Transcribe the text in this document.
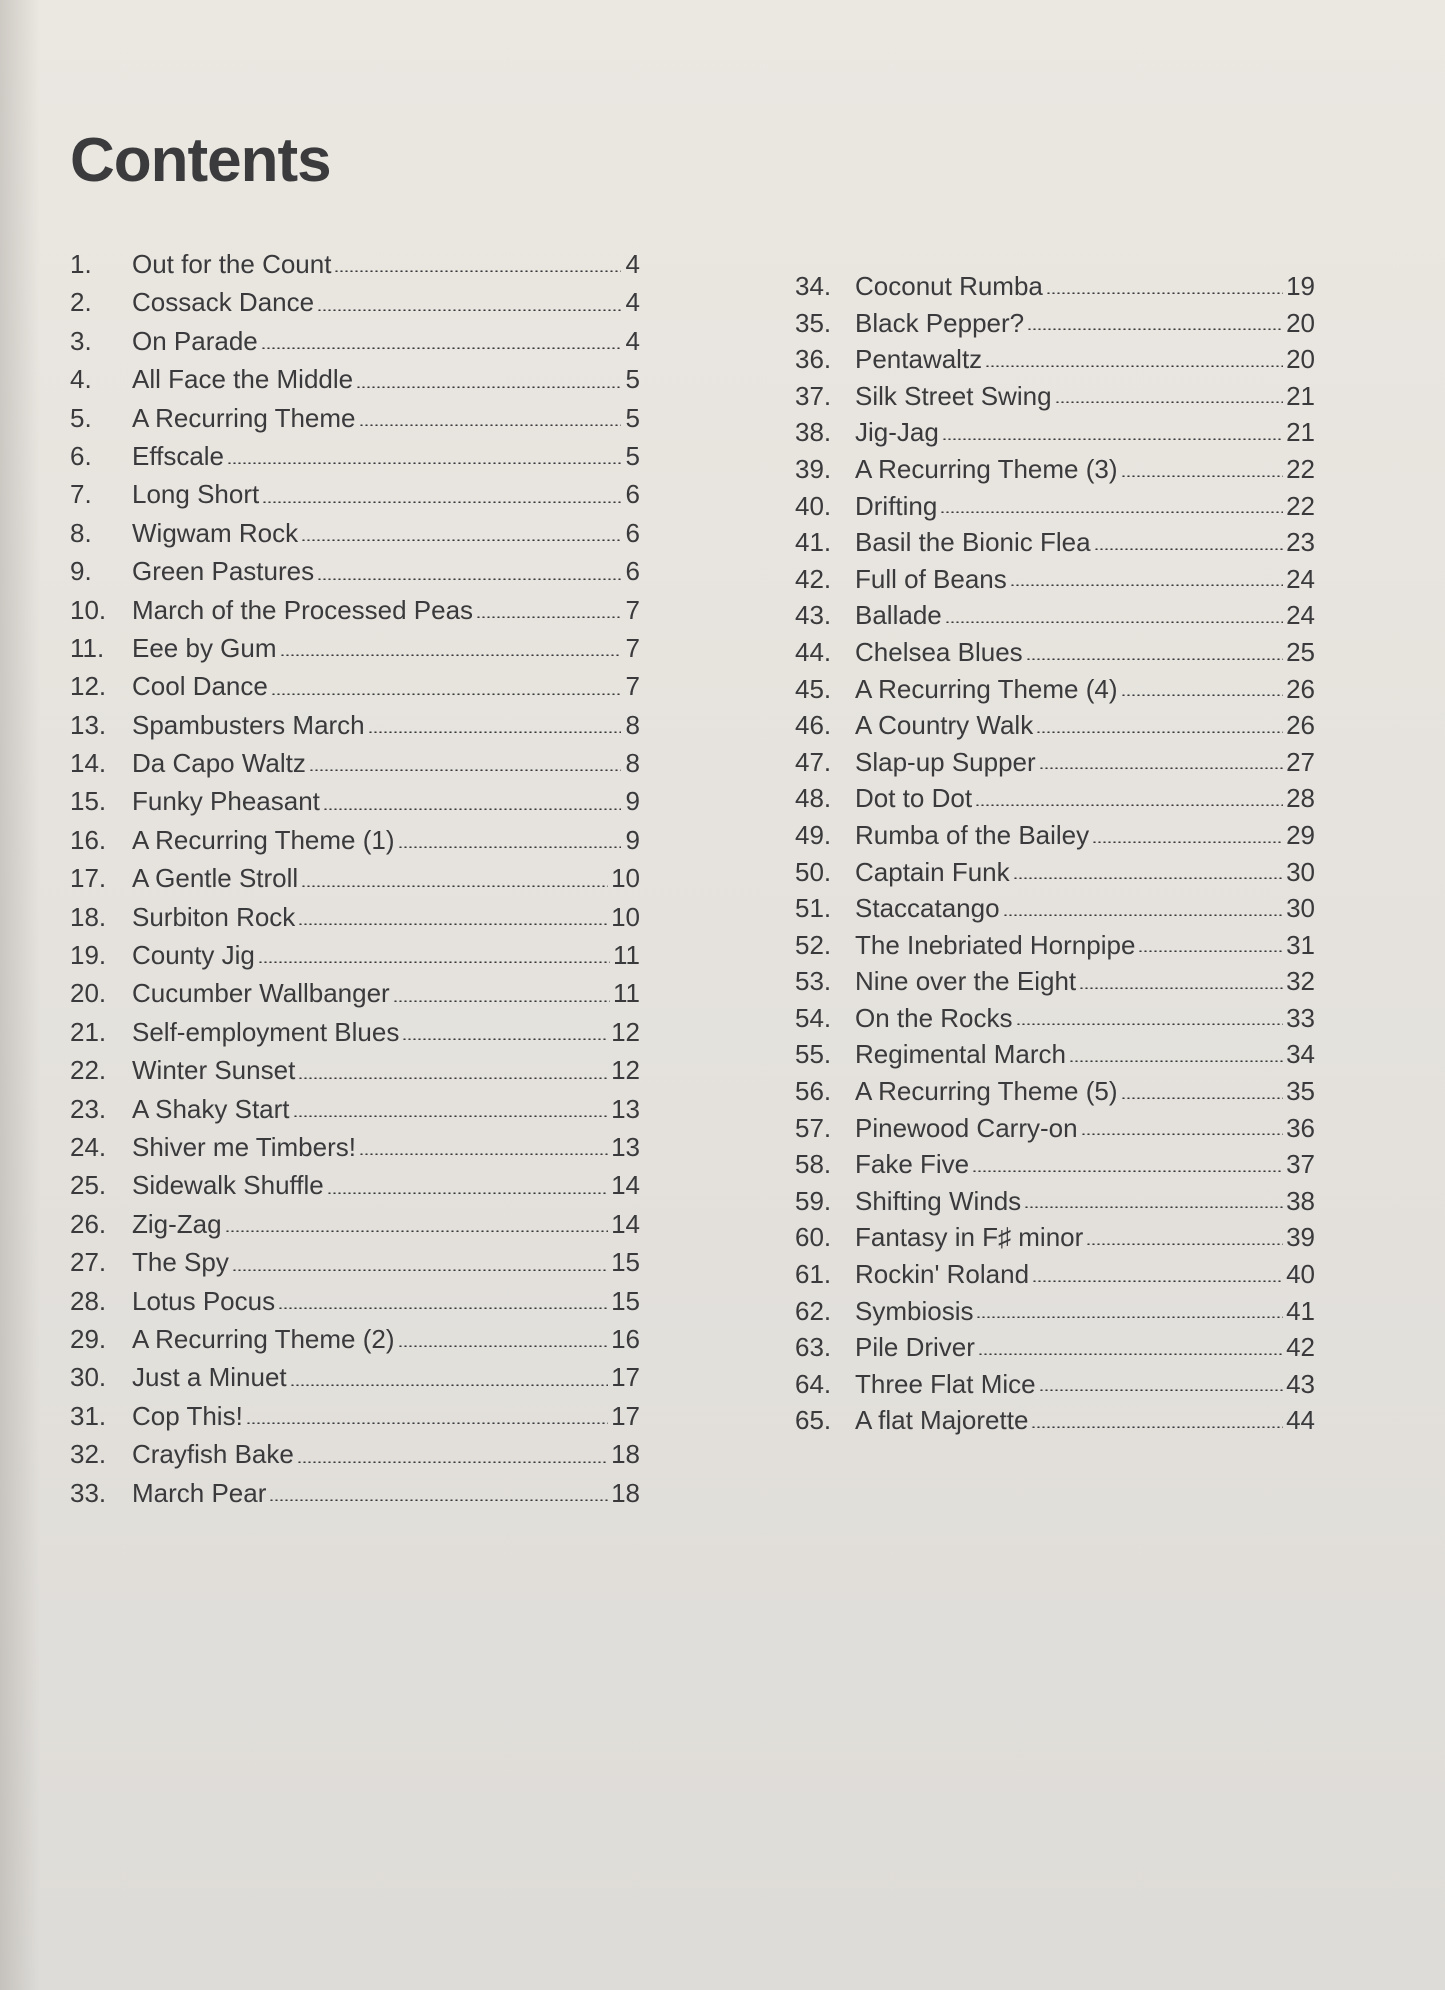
Contents
1.	Out for the Count	4
2.	Cossack Dance	4
3.	On Parade	4
4.	All Face the Middle	5
5.	A Recurring Theme	5
6.	Effscale	5
7.	Long Short	6
8.	Wigwam Rock	6
9.	Green Pastures	6
10. March of the Processed Peas	7
11.	Eee by Gum	7
12. Cool Dance	7
13. Spambusters March	8
14. Da Capo Waltz	8
15. Funky Pheasant	9
16. A Recurring Theme (1)	9
17. A Gentle Stroll	10
18. Surbiton Rock	10
19. County Jig	11
20. Cucumber Wallbanger	11
21. Self-employment Blues	12
22. Winter Sunset	12
23. A Shaky Start	13
24. Shiver me Timbers!	13
25. Sidewalk Shuffle	14
26. Zig-Zag	14
27. The Spy	15
28. Lotus Pocus	15
29. A Recurring Theme (2)	16
30. Just a Minuet	17
31. Cop This!	17
32. Crayfish Bake	18
33. March Pear	18
34. Coconut Rumba	19
35. Black Pepper?	20
36. Pentawaltz	20
37. Silk Street Swing	21
38. Jig-Jag	21
39. A Recurring Theme (3)	22
40. Drifting	22
41. Basil the Bionic Flea	23
42. Full of Beans	24
43. Ballade	24
44. Chelsea Blues	25
45. A Recurring Theme (4)	26
46. A Country Walk	26
47. Slap-up Supper	27
48. Dot to Dot	28
49. Rumba of the Bailey	29
50. Captain Funk	30
51. Staccatango	30
52. The Inebriated Hornpipe	31
53. Nine over the Eight	32
54. On the Rocks	33
55. Regimental March	34
56. A Recurring Theme (5)	35
57. Pinewood Carry-on	36
58. Fake Five	37
59. Shifting Winds	38
60. Fantasy in F♯ minor	39
61. Rockin' Roland	40
62. Symbiosis	41
63. Pile Driver	42
64. Three Flat Mice	43
65. A flat Majorette	44
